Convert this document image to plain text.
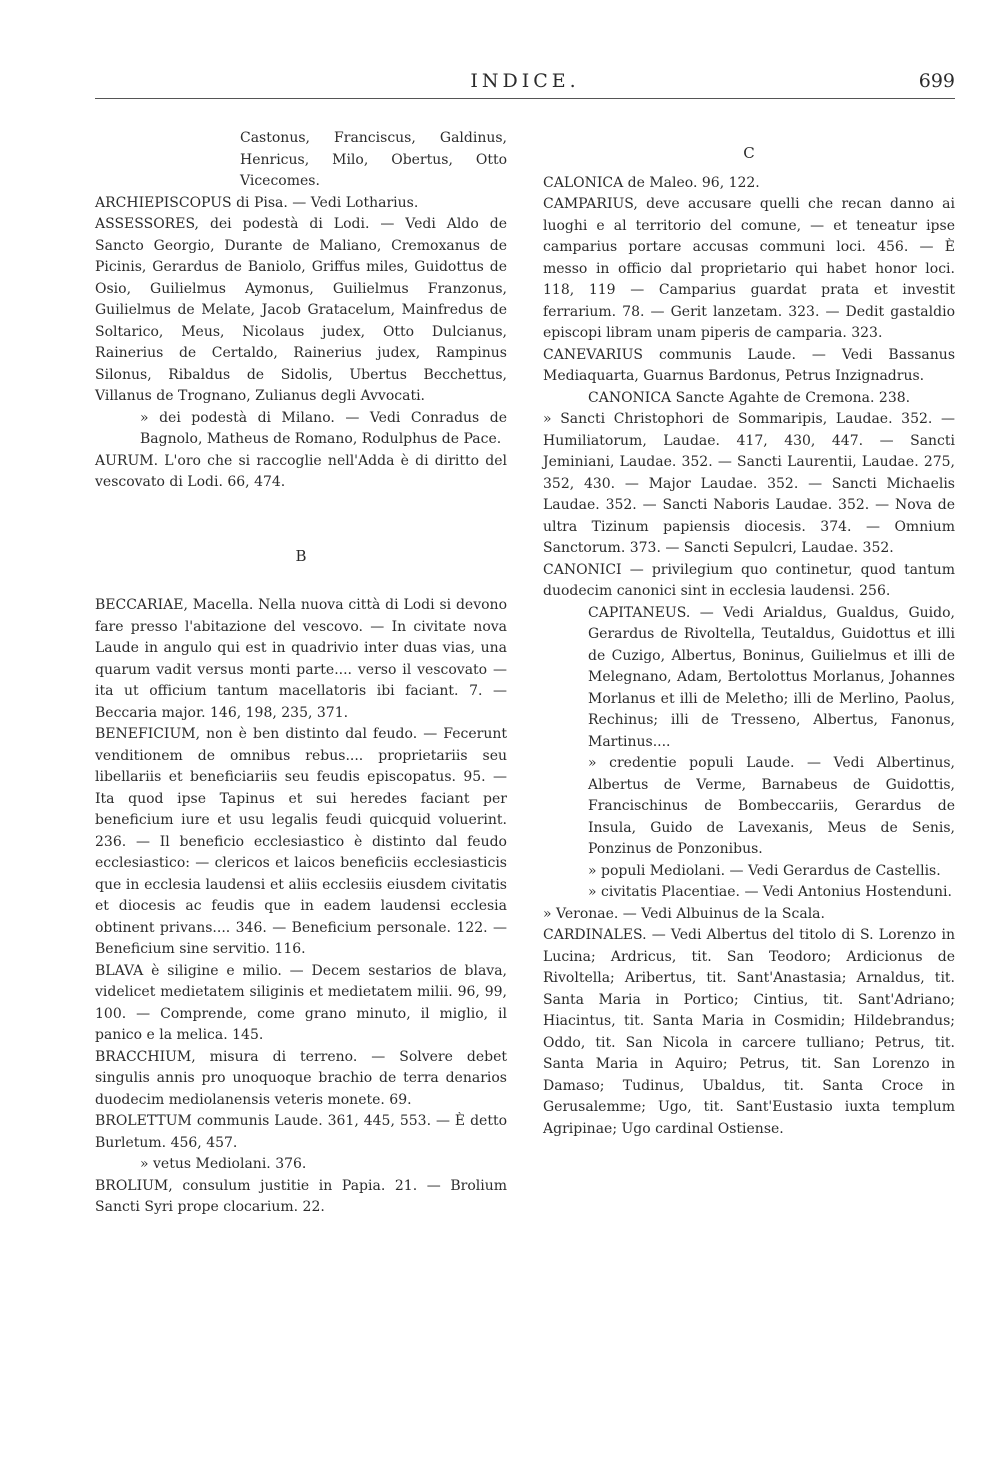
INDICE.	699

Castonus, Franciscus, Galdinus, Henricus, Milo, Obertus, Otto Vicecomes.

ARCHIEPISCOPUS di Pisa. — Vedi Lotharius.

ASSESSORES, dei podestà di Lodi. — Vedi Aldo de Sancto Georgio, Durante de Maliano, Cremoxanus de Picinis, Gerardus de Baniolo, Griffus miles, Guidottus de Osio, Guilielmus Aymonus, Guilielmus Franzonus, Guilielmus de Melate, Jacob Gratacelum, Mainfredus de Soltarico, Meus, Nicolaus judex, Otto Dulcianus, Rainerius de Certaldo, Rainerius judex, Rampinus Silonus, Ribaldus de Sidolis, Ubertus Becchettus, Villanus de Trognano, Zulianus degli Avvocati.

» dei podestà di Milano. — Vedi Conradus de Bagnolo, Matheus de Romano, Rodulphus de Pace.

AURUM. L'oro che si raccoglie nell'Adda è di diritto del vescovato di Lodi. 66, 474.

B

BECCARIAE, Macella. Nella nuova città di Lodi si devono fare presso l'abitazione del vescovo. — In civitate nova Laude in angulo qui est in quadrivio inter duas vias, una quarum vadit versus monti parte.... verso il vescovato — ita ut officium tantum macellatoris ibi faciant. 7. — Beccaria major. 146, 198, 235, 371.

BENEFICIUM, non è ben distinto dal feudo. — Fecerunt venditionem de omnibus rebus.... proprietariis seu libellariis et beneficiariis seu feudis episcopatus. 95. — Ita quod ipse Tapinus et sui heredes faciant per beneficium iure et usu legalis feudi quicquid voluerint. 236. — Il beneficio ecclesiastico è distinto dal feudo ecclesiastico: — clericos et laicos beneficiis ecclesiasticis que in ecclesia laudensi et aliis ecclesiis eiusdem civitatis et diocesis ac feudis que in eadem laudensi ecclesia obtinent privans.... 346. — Beneficium personale. 122. — Beneficium sine servitio. 116.

BLAVA è siligine e milio. — Decem sestarios de blava, videlicet medietatem siliginis et medietatem milii. 96, 99, 100. — Comprende, come grano minuto, il miglio, il panico e la melica. 145.

BRACCHIUM, misura di terreno. — Solvere debet singulis annis pro unoquoque brachio de terra denarios duodecim mediolanensis veteris monete. 69.

BROLETTUM communis Laude. 361, 445, 553. — È detto Burletum. 456, 457.

» vetus Mediolani. 376.

BROLIUM, consulum justitie in Papia. 21. — Brolium Sancti Syri prope clocarium. 22.

C

CALONICA de Maleo. 96, 122.

CAMPARIUS, deve accusare quelli che recan danno ai luoghi e al territorio del comune, — et teneatur ipse camparius portare accusas communi loci. 456. — È messo in officio dal proprietario qui habet honor loci. 118, 119 — Camparius guardat prata et investit ferrarium. 78. — Gerit lanzetam. 323. — Dedit gastaldio episcopi libram unam piperis de camparia. 323.

CANEVARIUS communis Laude. — Vedi Bassanus Mediaquarta, Guarnus Bardonus, Petrus Inzignadrus.

CANONICA Sancte Agahte de Cremona. 238.

» Sancti Christophori de Sommaripis, Laudae. 352. — Humiliatorum, Laudae. 417, 430, 447. — Sancti Jeminiani, Laudae. 352. — Sancti Laurentii, Laudae. 275, 352, 430. — Major Laudae. 352. — Sancti Michaelis Laudae. 352. — Sancti Naboris Laudae. 352. — Nova de ultra Tizinum papiensis diocesis. 374. — Omnium Sanctorum. 373. — Sancti Sepulcri, Laudae. 352.

CANONICI — privilegium quo continetur, quod tantum duodecim canonici sint in ecclesia laudensi. 256.

CAPITANEUS. — Vedi Arialdus, Gualdus, Guido, Gerardus de Rivoltella, Teutaldus, Guidottus et illi de Cuzigo, Albertus, Boninus, Guilielmus et illi de Melegnano, Adam, Bertolottus Morlanus, Johannes Morlanus et illi de Meletho; illi de Merlino, Paolus, Rechinus; illi de Tresseno, Albertus, Fanonus, Martinus....

» credentie populi Laude. — Vedi Albertinus, Albertus de Verme, Barnabeus de Guidottis, Francischinus de Bombeccariis, Gerardus de Insula, Guido de Lavexanis, Meus de Senis, Ponzinus de Ponzonibus.

» populi Mediolani. — Vedi Gerardus de Castellis.

» civitatis Placentiae. — Vedi Antonius Hostenduni.

» Veronae. — Vedi Albuinus de la Scala.

CARDINALES. — Vedi Albertus del titolo di S. Lorenzo in Lucina; Ardricus, tit. San Teodoro; Ardicionus de Rivoltella; Aribertus, tit. Sant'Anastasia; Arnaldus, tit. Santa Maria in Portico; Cintius, tit. Sant'Adriano; Hiacintus, tit. Santa Maria in Cosmidin; Hildebrandus; Oddo, tit. San Nicola in carcere tulliano; Petrus, tit. Santa Maria in Aquiro; Petrus, tit. San Lorenzo in Damaso; Tudinus, Ubaldus, tit. Santa Croce in Gerusalemme; Ugo, tit. Sant'Eustasio iuxta templum Agripinae; Ugo cardinal Ostiense.
